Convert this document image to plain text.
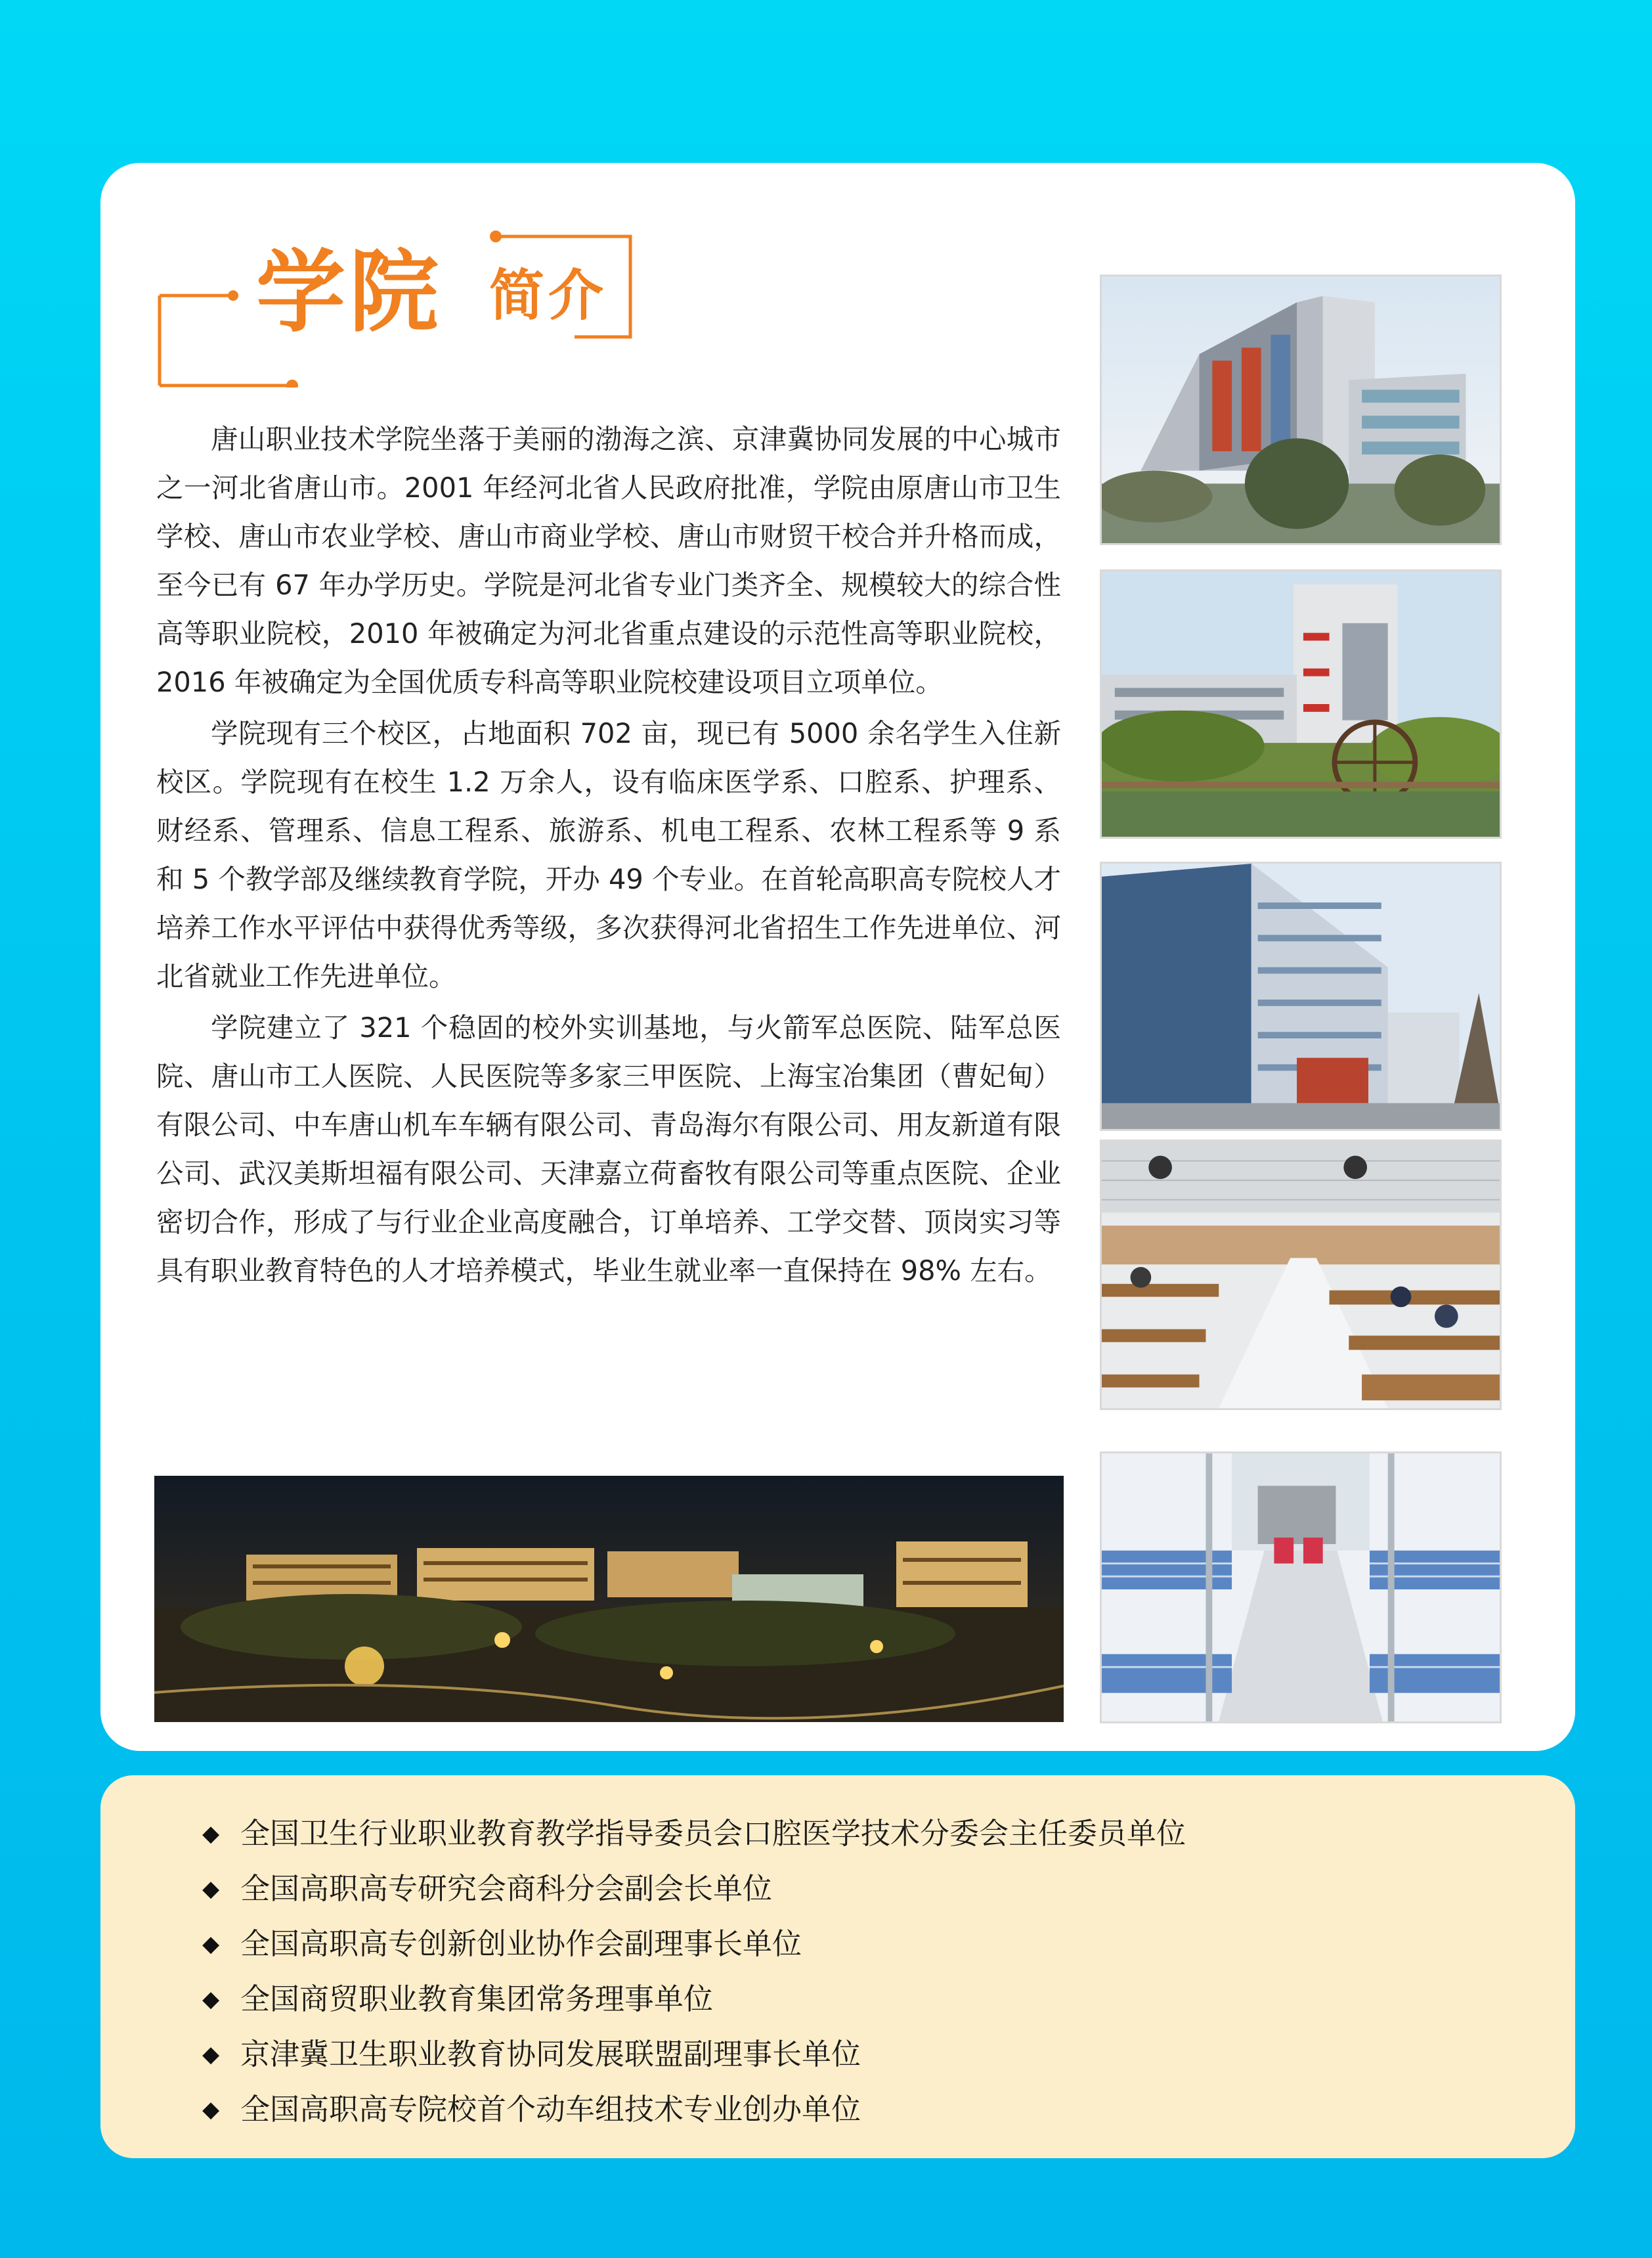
学院 简介

唐山职业技术学院坐落于美丽的渤海之滨、京津冀协同发展的中心城市之一河北省唐山市。2001 年经河北省人民政府批准，学院由原唐山市卫生学校、唐山市农业学校、唐山市商业学校、唐山市财贸干校合并升格而成，至今已有 67 年办学历史。学院是河北省专业门类齐全、规模较大的综合性高等职业院校，2010 年被确定为河北省重点建设的示范性高等职业院校，2016 年被确定为全国优质专科高等职业院校建设项目立项单位。

学院现有三个校区，占地面积 702 亩，现已有 5000 余名学生入住新校区。学院现有在校生 1.2 万余人，设有临床医学系、口腔系、护理系、财经系、管理系、信息工程系、旅游系、机电工程系、农林工程系等 9 系和 5 个教学部及继续教育学院，开办 49 个专业。在首轮高职高专院校人才培养工作水平评估中获得优秀等级，多次获得河北省招生工作先进单位、河北省就业工作先进单位。

学院建立了 321 个稳固的校外实训基地，与火箭军总医院、陆军总医院、唐山市工人医院、人民医院等多家三甲医院、上海宝冶集团（曹妃甸）有限公司、中车唐山机车车辆有限公司、青岛海尔有限公司、用友新道有限公司、武汉美斯坦福有限公司、天津嘉立荷畜牧有限公司等重点医院、企业密切合作，形成了与行业企业高度融合，订单培养、工学交替、顶岗实习等具有职业教育特色的人才培养模式，毕业生就业率一直保持在 98% 左右。

◆ 全国卫生行业职业教育教学指导委员会口腔医学技术分委会主任委员单位
◆ 全国高职高专研究会商科分会副会长单位
◆ 全国高职高专创新创业协作会副理事长单位
◆ 全国商贸职业教育集团常务理事单位
◆ 京津冀卫生职业教育协同发展联盟副理事长单位
◆ 全国高职高专院校首个动车组技术专业创办单位
